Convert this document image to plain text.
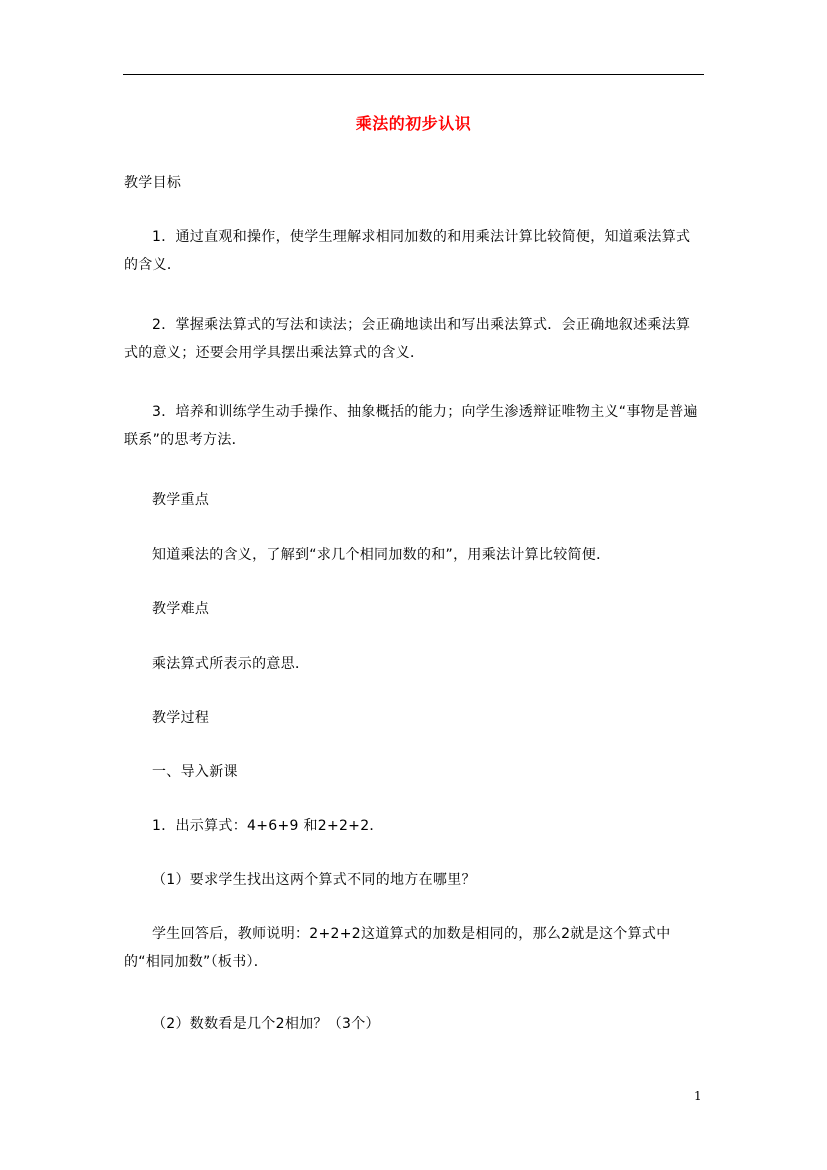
乘法的初步认识

教学目标

1．通过直观和操作，使学生理解求相同加数的和用乘法计算比较简便，知道乘法算式的含义．

2．掌握乘法算式的写法和读法；会正确地读出和写出乘法算式．会正确地叙述乘法算式的意义；还要会用学具摆出乘法算式的含义．

3．培养和训练学生动手操作、抽象概括的能力；向学生渗透辩证唯物主义“事物是普遍联系”的思考方法．

教学重点

知道乘法的含义，了解到“求几个相同加数的和”，用乘法计算比较简便．

教学难点

乘法算式所表示的意思．

教学过程

一、导入新课

1．出示算式：4+6+9 和2+2+2．

（1）要求学生找出这两个算式不同的地方在哪里？

学生回答后，教师说明：2+2+2这道算式的加数是相同的，那么2就是这个算式中的“相同加数”（板书）．

（2）数数看是几个2相加？（3个）

1
